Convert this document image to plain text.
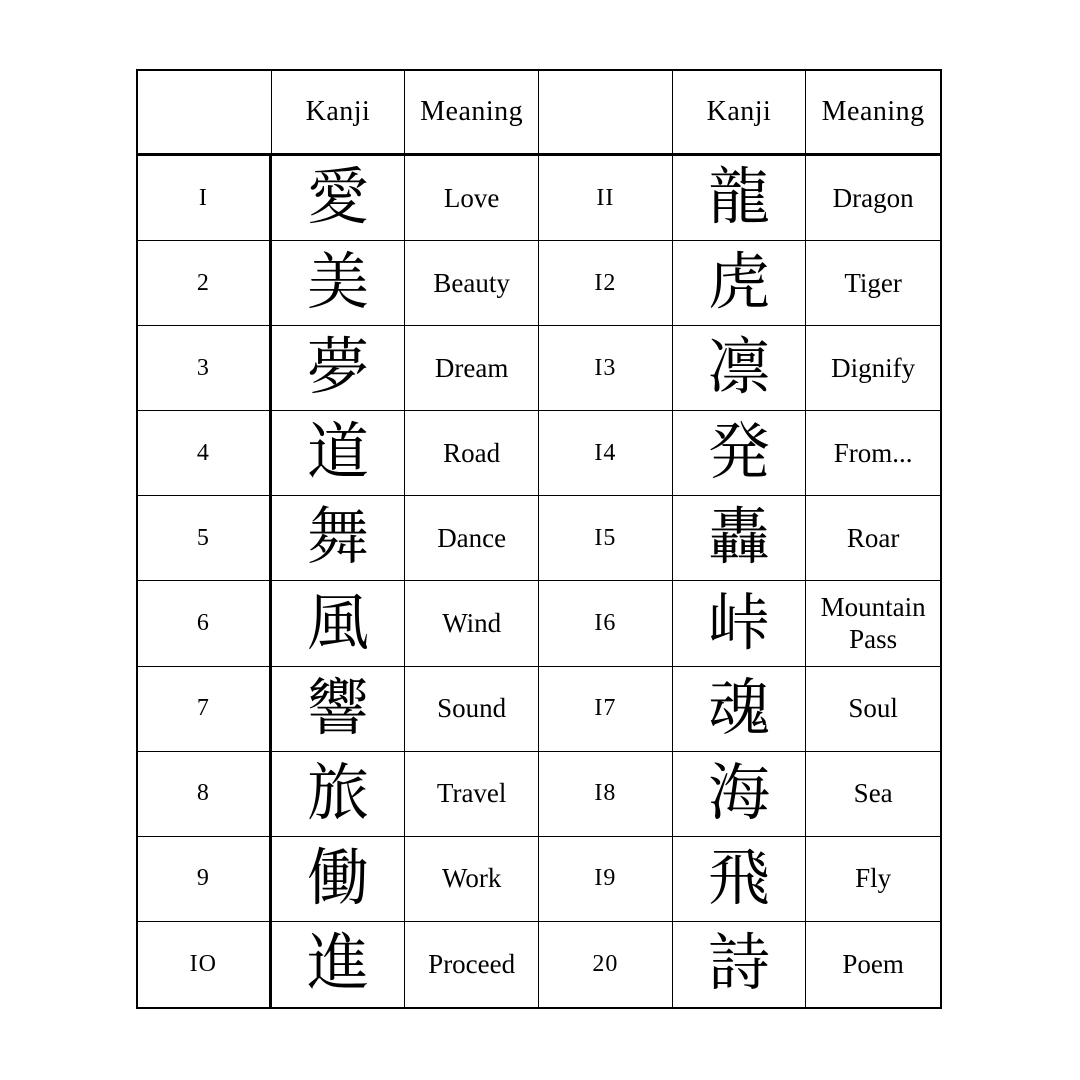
Kanji Meaning	Kanji Meaning
I 愛	Love	II 龍 Dragon
2 美 Beauty	I2 虎	Tiger
3 夢 Dream	I3 凛 Dignify
4 道	Road	I4 発 From...
5 舞	Dance	I5 轟	Roar
6 風	Wind	I6 峠	Mountain Pass
7 響	Sound	I7 魂	Soul
8 旅	Travel	I8 海	Sea
9 働	Work	I9 飛	Fly
IO 進 Proceed	20 詩	Poem
